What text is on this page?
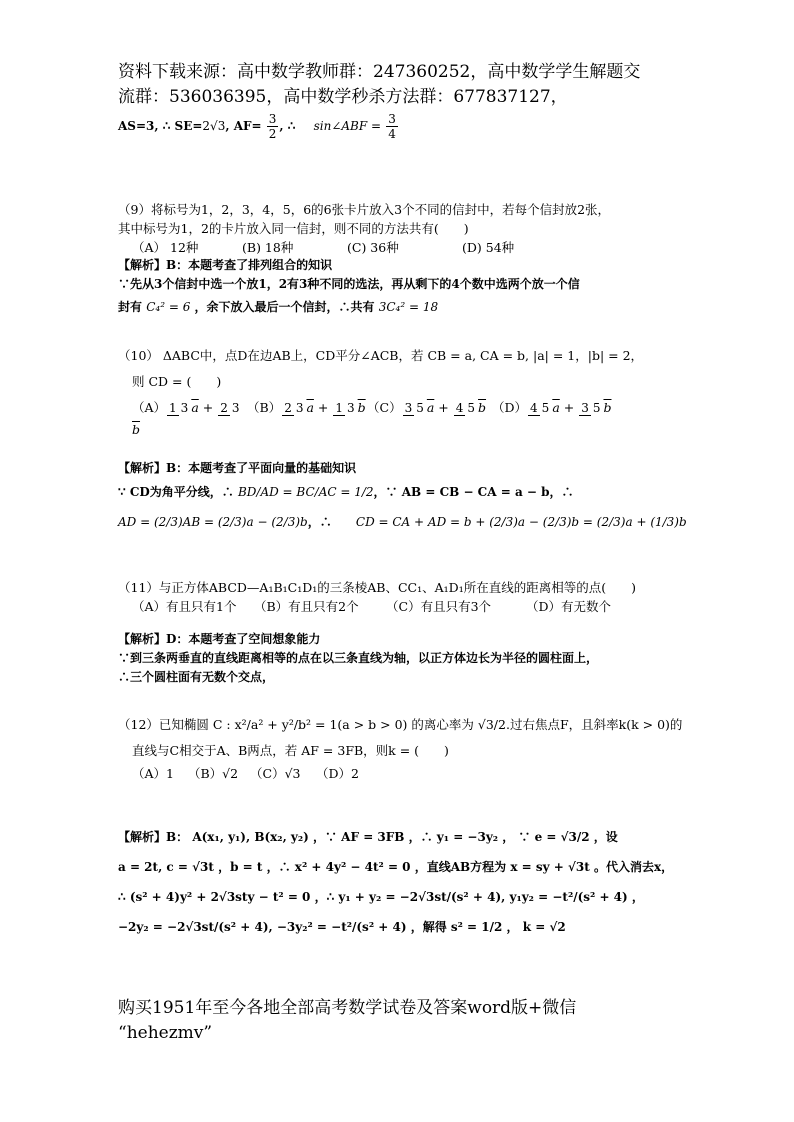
资料下载来源：高中数学教师群：247360252，高中数学学生解题交
流群：536036395，高中数学秒杀方法群：677837127，
AS=3, ∴ SE=2√3, $AF= \frac{3}{2}$ , ∴ sin∠ABF = $\frac{3}{4}$
（9）将标号为1，2，3，4，5，6的6张卡片放入3个不同的信封中，若每个信封放2张，
其中标号为1，2的卡片放入同一信封，则不同的方法共有(　　)
（A） 12种	(B) 18种	(C) 36种	(D) 54种
【解析】B：本题考查了排列组合的知识
∵先从3个信封中选一个放1，2有3种不同的选法，再从剩下的4个数中选两个放一个信
封有 C₄² = 6 ，余下放入最后一个信封，∴共有 3C₄² = 18
（10） ΔABC中，点D在边AB上，CD平分∠ACB，若 CB = a, CA = b, |a| = 1，|b| = 2，
则 CD = (　　)
（A） 1 3 $\overline{a} + 2$ $3\overline{b}$
（B） 2 3 $\overline{a} + 1$ 3 $\overline{b}$ （C） 3 5 $\overline{a} + 4$ 5 $\overline{b}$ （D） 4 5 $\overline{a} + 3$ 5 $\overline{b}$
【解析】B：本题考查了平面向量的基础知识
∵ CD为角平分线，∴ BD/AD = BC/AC = 1/2，∵ AB = CB − CA = a − b，∴
AD = (2/3)AB = (2/3)a − (2/3)b，∴ CD = CA + AD = b + (2/3)a − (2/3)b = (2/3)a + (1/3)b
（11）与正方体ABCD—A₁B₁C₁D₁的三条棱AB、CC₁、A₁D₁所在直线的距离相等的点(　　)
（A）有且只有1个	（B）有且只有2个	（C）有且只有3个	（D）有无数个
【解析】D：本题考查了空间想象能力
∵到三条两垂直的直线距离相等的点在以三条直线为轴，以正方体边长为半径的圆柱面上，
∴三个圆柱面有无数个交点，
（12）已知椭圆 C : x²/a² + y²/b² = 1(a > b > 0) 的离心率为 √3/2.过右焦点F，且斜率k(k > 0)的
直线与C相交于A、B两点，若 AF = 3FB，则k = (　　)
（A）1	（B）√2 （C）√3	（D）2
【解析】B： A(x₁, y₁), B(x₂, y₂) ，∵ AF = 3FB ，∴ y₁ = −3y₂ ， ∵ e = √3/2 ，设
a = 2t, c = √3t ，b = t ，∴ x² + 4y² − 4t² = 0 ，直线AB方程为 x = sy + √3t 。代入消去x，
∴ (s² + 4)y² + 2√3sty − t² = 0 ，∴ y₁ + y₂ = −2√3st/(s² + 4), y₁y₂ = −t²/(s² + 4) ，
−2y₂ = −2√3st/(s² + 4), −3y₂² = −t²/(s² + 4) ，解得 s² = 1/2 ， k = √2
购买1951年至今各地全部高考数学试卷及答案word版+微信
“hehezmv”
